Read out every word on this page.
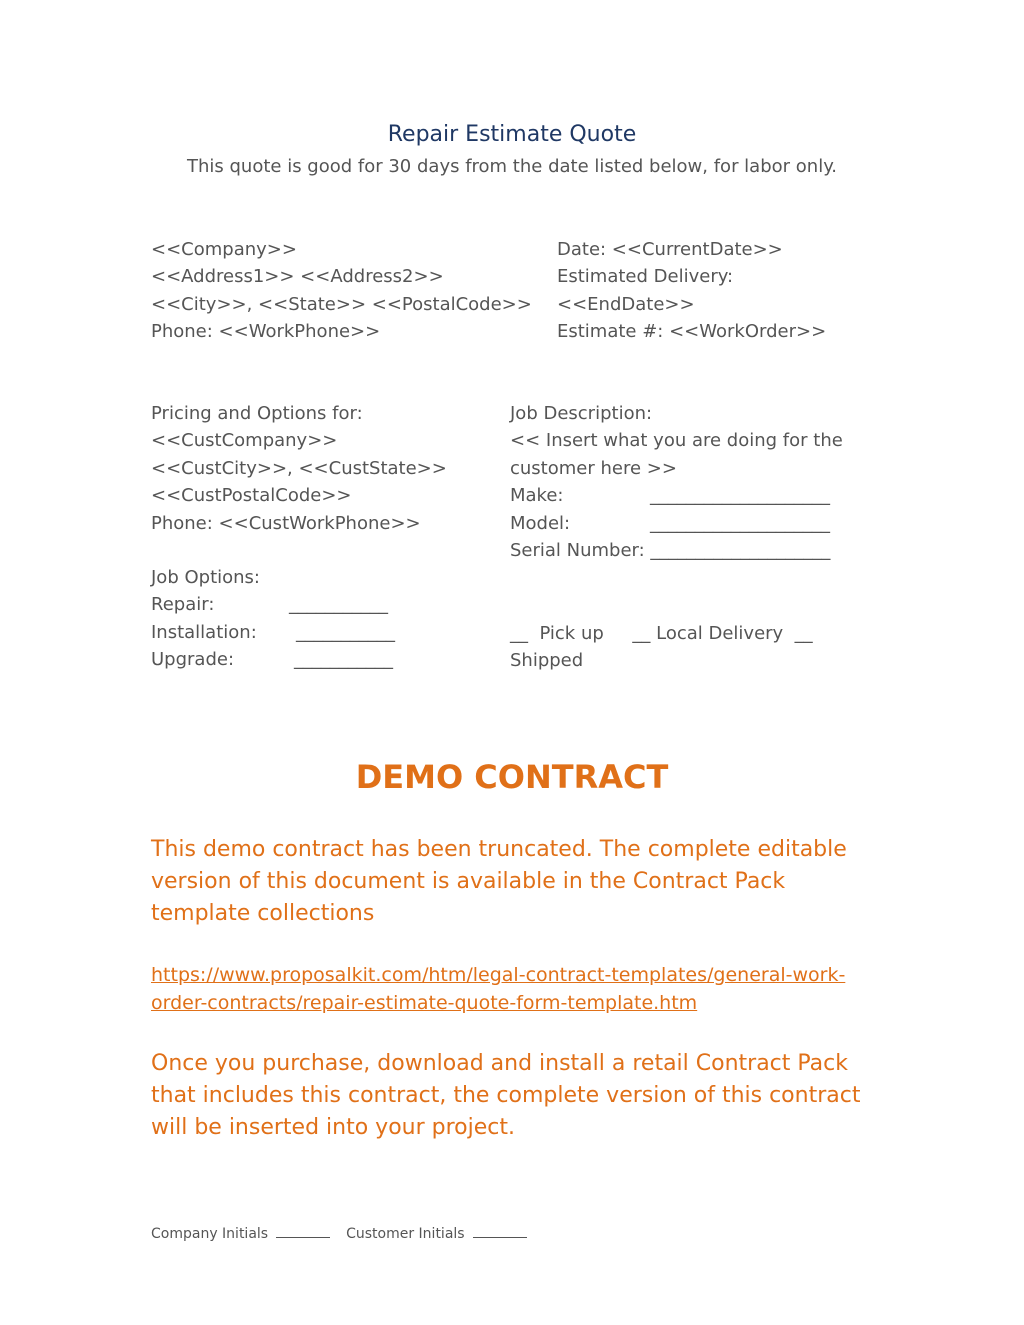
Repair Estimate Quote
This quote is good for 30 days from the date listed below, for labor only.
<<Company>>
<<Address1>> <<Address2>>
<<City>>, <<State>> <<PostalCode>>
Phone: <<WorkPhone>>
Date: <<CurrentDate>>
Estimated Delivery:
<<EndDate>>
Estimate #: <<WorkOrder>>
Pricing and Options for:
<<CustCompany>>
<<CustCity>>, <<CustState>>
<<CustPostalCode>>
Phone: <<CustWorkPhone>>
Job Description:
<< Insert what you are doing for the
customer here >>
Make:	____________________
Model:	____________________
Serial Number: ____________________
Job Options:
Repair:	___________
Installation: ___________
Upgrade:	___________
__  Pick up     __ Local Delivery  __
Shipped
DEMO CONTRACT
This demo contract has been truncated. The complete editable version of this document is available in the Contract Pack template collections
https://www.proposalkit.com/htm/legal-contract-templates/general-work-order-contracts/repair-estimate-quote-form-template.htm
Once you purchase, download and install a retail Contract Pack that includes this contract, the complete version of this contract will be inserted into your project.
Company Initials	Customer Initials
